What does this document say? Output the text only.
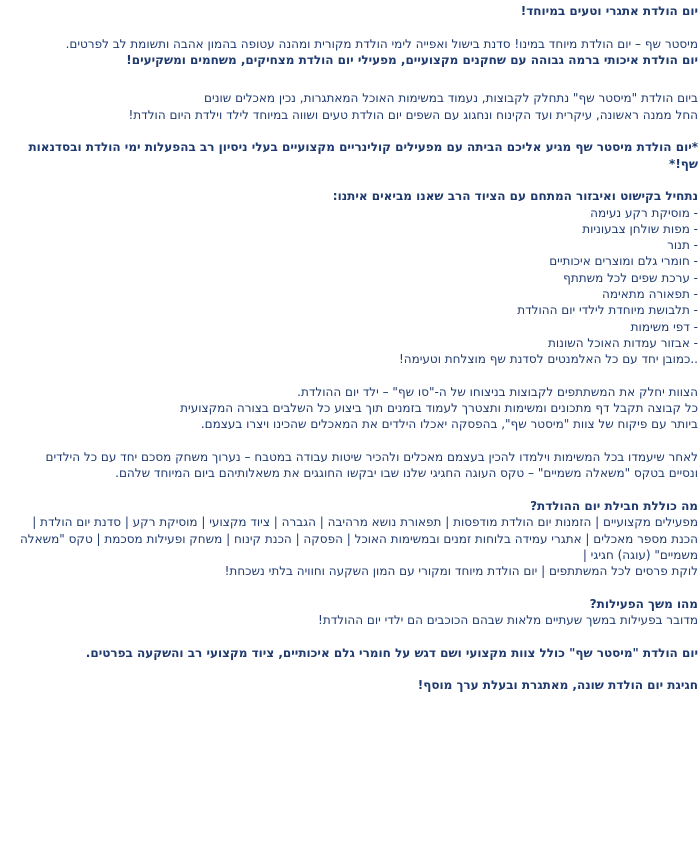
יום הולדת אתגרי וטעים במיוחד!

מיסטר שף – יום הולדת מיוחד במינו! סדנת בישול ואפייה לימי הולדת מקורית ומהנה עטופה בהמון אהבה ותשומת לב לפרטים.

יום הולדת איכותי ברמה גבוהה עם שחקנים מקצועיים, מפעילי יום הולדת מצחיקים, משחמים ומשקיעים!

ביום הולדת "מיסטר שף" נתחלק לקבוצות, נעמוד במשימות האוכל המאתגרות, נכין מאכלים שונים

החל ממנה ראשונה, עיקרית ועד הקינוח ונחגוג עם השפים יום הולדת טעים ושווה במיוחד לילד וילדת היום הולדת!

*יום הולדת מיסטר שף מגיע אליכם הביתה עם מפעילים קולינריים מקצועיים בעלי ניסיון רב בהפעלות ימי הולדת ובסדנאות שף!*

נתחיל בקישוט ואיבזור המתחם עם הציוד הרב שאנו מביאים איתנו:

- מוסיקת רקע נעימה

- מפות שולחן צבעוניות

- תנור

- חומרי גלם ומוצרים איכותיים

- ערכת שפים לכל משתתף

- תפאורה מתאימה

- תלבושת מיוחדת לילדי יום ההולדת

- דפי משימות

- אבזור עמדות האוכל השונות

..כמובן יחד עם כל האלמנטים לסדנת שף מוצלחת וטעימה!

הצוות יחלק את המשתתפים לקבוצות בניצוחו של ה-"סו שף" – ילד יום ההולדת.

כל קבוצה תקבל דף מתכונים ומשימות ותצטרך לעמוד בזמנים תוך ביצוע כל השלבים בצורה המקצועית

ביותר עם פיקוח של צוות "מיסטר שף", בהפסקה יאכלו הילדים את המאכלים שהכינו ויצרו בעצמם.

לאחר שיעמדו בכל המשימות וילמדו להכין בעצמם מאכלים ולהכיר שיטות עבודה במטבח – נערוך משחק מסכם יחד עם כל הילדים

ונסיים בטקס "משאלה משמיים" – טקס העוגה החגיגי שלנו שבו יבקשו החוגגים את משאלותיהם ביום המיוחד שלהם.

מה כוללת חבילת יום ההולדת?

מפעילים מקצועיים | הזמנות יום הולדת מודפסות | תפאורת נושא מרהיבה | הגברה | ציוד מקצועי | מוסיקת רקע | סדנת יום הולדת |

הכנת מספר מאכלים | אתגרי עמידה בלוחות זמנים ובמשימות האוכל | הפסקה | הכנת קינוח | משחק ופעילות מסכמת | טקס "משאלה

משמיים" (עוגה) חגיגי |

לוקת פרסים לכל המשתתפים | יום הולדת מיוחד ומקורי עם המון השקעה וחוויה בלתי נשכחת!

מהו משך הפעילות?

מדובר בפעילות במשך שעתיים מלאות שבהם הכוכבים הם ילדי יום ההולדת!

יום הולדת "מיסטר שף" כולל צוות מקצועי ושם דגש על חומרי גלם איכותיים, ציוד מקצועי רב והשקעה בפרטים.

חגיגת יום הולדת שונה, מאתגרת ובעלת ערך מוסף!
